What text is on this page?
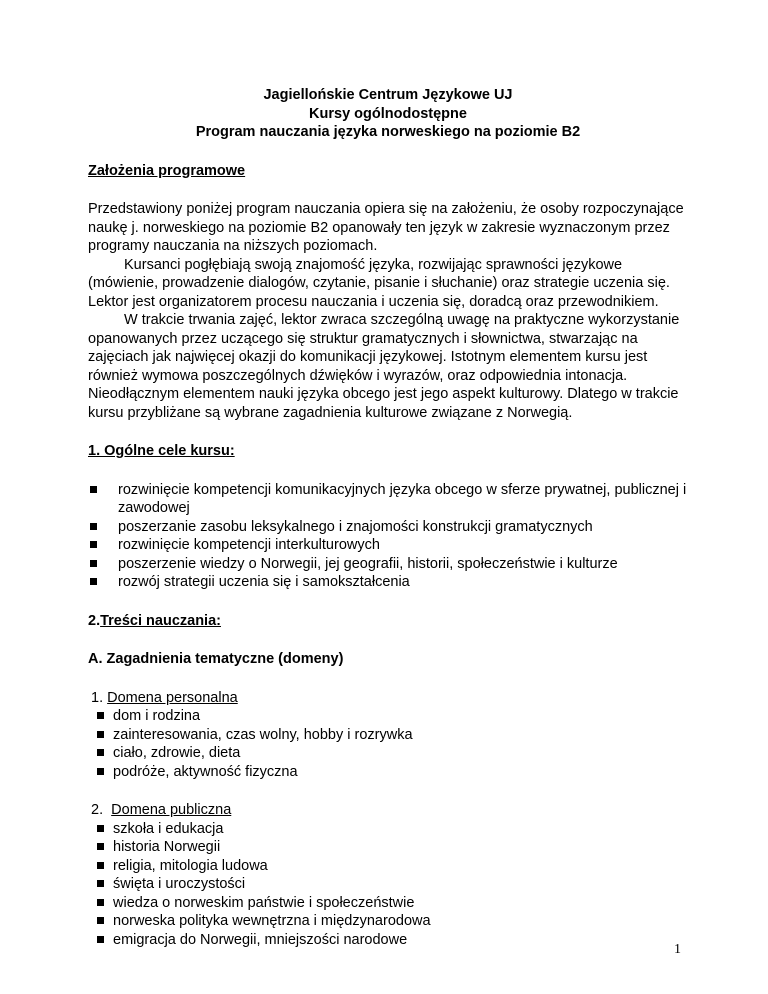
Jagiellońskie Centrum Językowe UJ
Kursy ogólnodostępne
Program nauczania języka norweskiego na poziomie B2

Założenia programowe

Przedstawiony poniżej program nauczania opiera się na założeniu, że osoby rozpoczynające naukę j. norweskiego na poziomie B2 opanowały ten język w zakresie wyznaczonym przez programy nauczania na niższych poziomach.

Kursanci pogłębiają swoją znajomość języka, rozwijając sprawności językowe (mówienie, prowadzenie dialogów, czytanie, pisanie i słuchanie) oraz strategie uczenia się. Lektor jest organizatorem procesu nauczania i uczenia się, doradcą oraz przewodnikiem.

W trakcie trwania zajęć, lektor zwraca szczególną uwagę na praktyczne wykorzystanie opanowanych przez uczącego się struktur gramatycznych i słownictwa, stwarzając na zajęciach jak najwięcej okazji do komunikacji językowej. Istotnym elementem kursu jest również wymowa poszczególnych dźwięków i wyrazów, oraz odpowiednia intonacja. Nieodłącznym elementem nauki języka obcego jest jego aspekt kulturowy. Dlatego w trakcie kursu przybliżane są wybrane zagadnienia kulturowe związane z Norwegią.

1. Ogólne cele kursu:

rozwinięcie kompetencji komunikacyjnych języka obcego w sferze prywatnej, publicznej i zawodowej
poszerzanie zasobu leksykalnego i znajomości konstrukcji gramatycznych
rozwinięcie kompetencji interkulturowych
poszerzenie wiedzy o Norwegii, jej geografii, historii, społeczeństwie i kulturze
rozwój strategii uczenia się i samokształcenia

2.Treści nauczania:

A. Zagadnienia tematyczne (domeny)

1. Domena personalna

dom i rodzina
zainteresowania, czas wolny, hobby i rozrywka
ciało, zdrowie, dieta
podróże, aktywność fizyczna

2. Domena publiczna

szkoła i edukacja
historia Norwegii
religia, mitologia ludowa
święta i uroczystości
wiedza o norweskim państwie i społeczeństwie
norweska polityka wewnętrzna i międzynarodowa
emigracja do Norwegii, mniejszości narodowe
1
